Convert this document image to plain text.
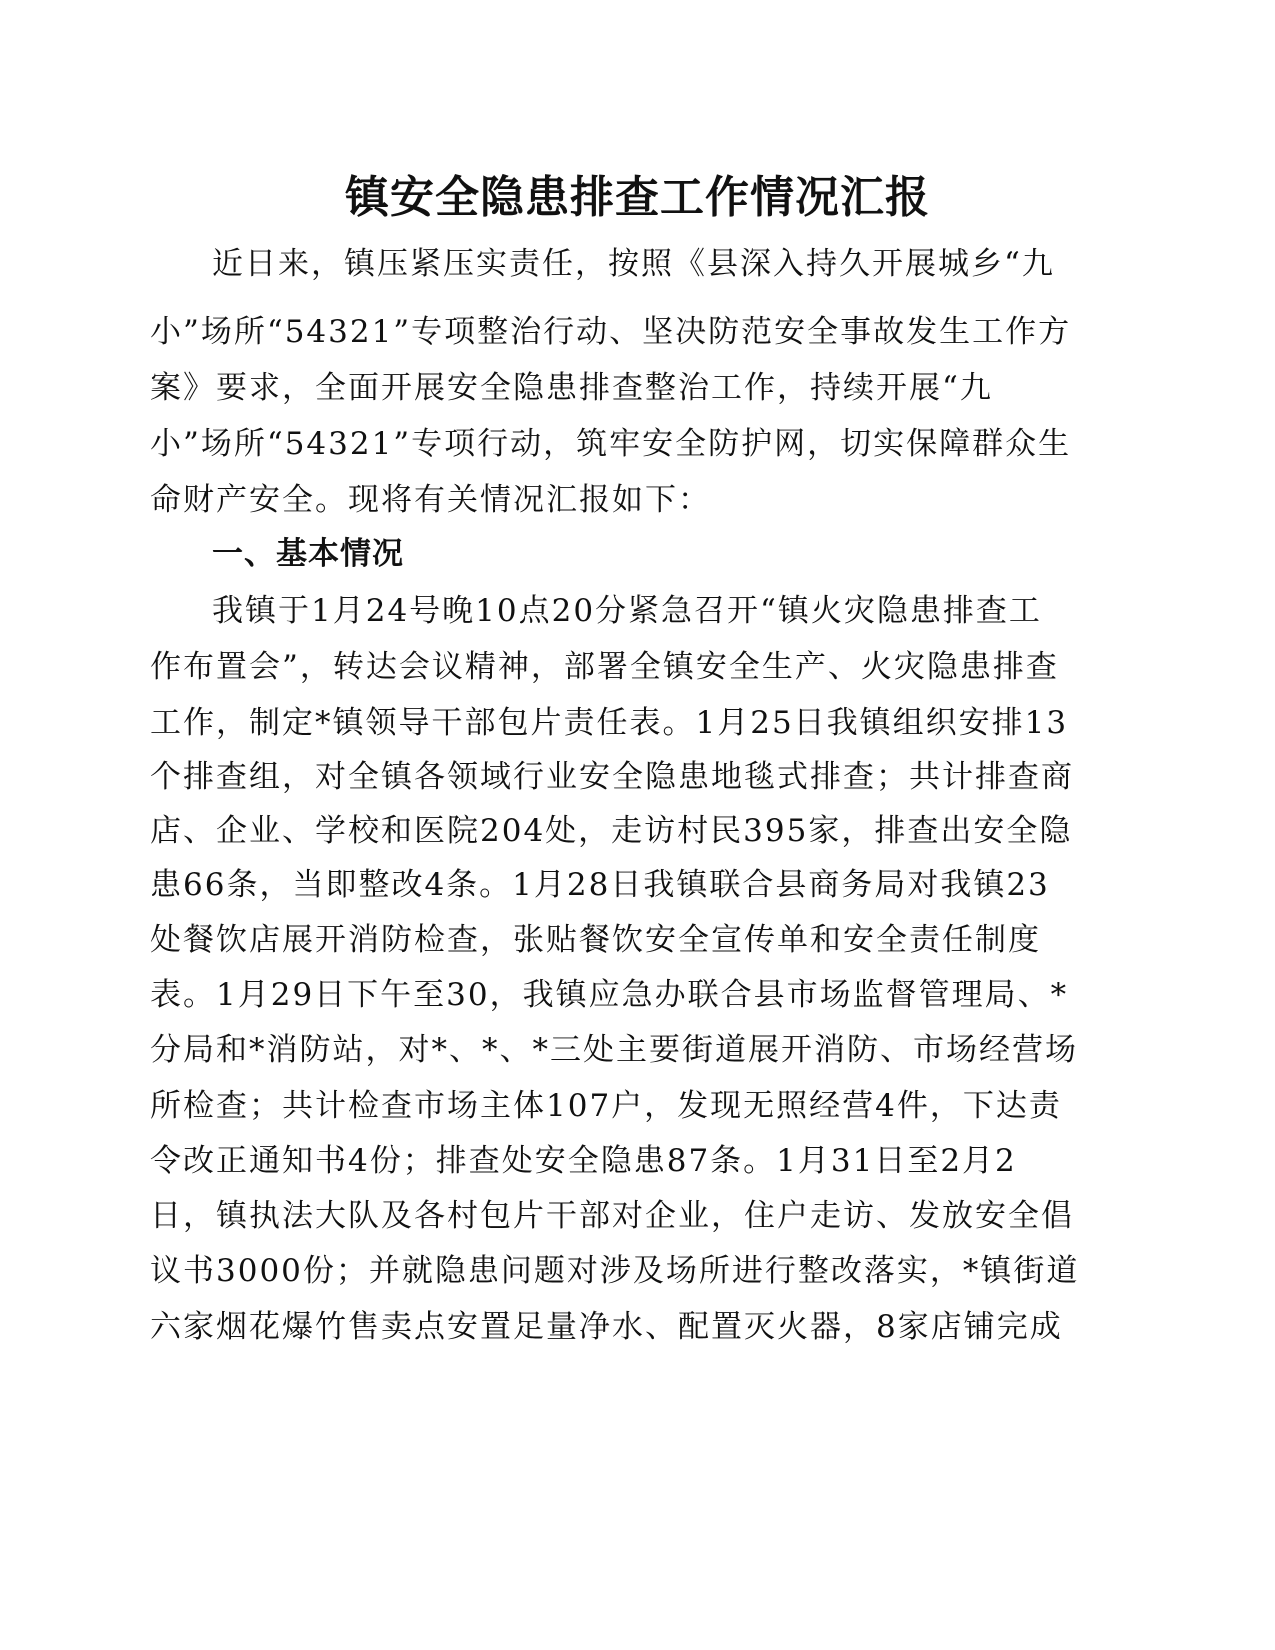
镇安全隐患排查工作情况汇报

近日来，镇压紧压实责任，按照《县深入持久开展城乡“九

小”场所“54321”专项整治行动、坚决防范安全事故发生工作方

案》要求，全面开展安全隐患排查整治工作，持续开展“九

小”场所“54321”专项行动，筑牢安全防护网，切实保障群众生

命财产安全。现将有关情况汇报如下：

一、基本情况

我镇于1月24号晚10点20分紧急召开“镇火灾隐患排查工

作布置会”，转达会议精神，部署全镇安全生产、火灾隐患排查

工作，制定*镇领导干部包片责任表。1月25日我镇组织安排13

个排查组，对全镇各领域行业安全隐患地毯式排查；共计排查商

店、企业、学校和医院204处，走访村民395家，排查出安全隐

患66条，当即整改4条。1月28日我镇联合县商务局对我镇23

处餐饮店展开消防检查，张贴餐饮安全宣传单和安全责任制度

表。1月29日下午至30，我镇应急办联合县市场监督管理局、*

分局和*消防站，对*、*、*三处主要街道展开消防、市场经营场

所检查；共计检查市场主体107户，发现无照经营4件，下达责

令改正通知书4份；排查处安全隐患87条。1月31日至2月2

日，镇执法大队及各村包片干部对企业，住户走访、发放安全倡

议书3000份；并就隐患问题对涉及场所进行整改落实，*镇街道

六家烟花爆竹售卖点安置足量净水、配置灭火器，8家店铺完成
